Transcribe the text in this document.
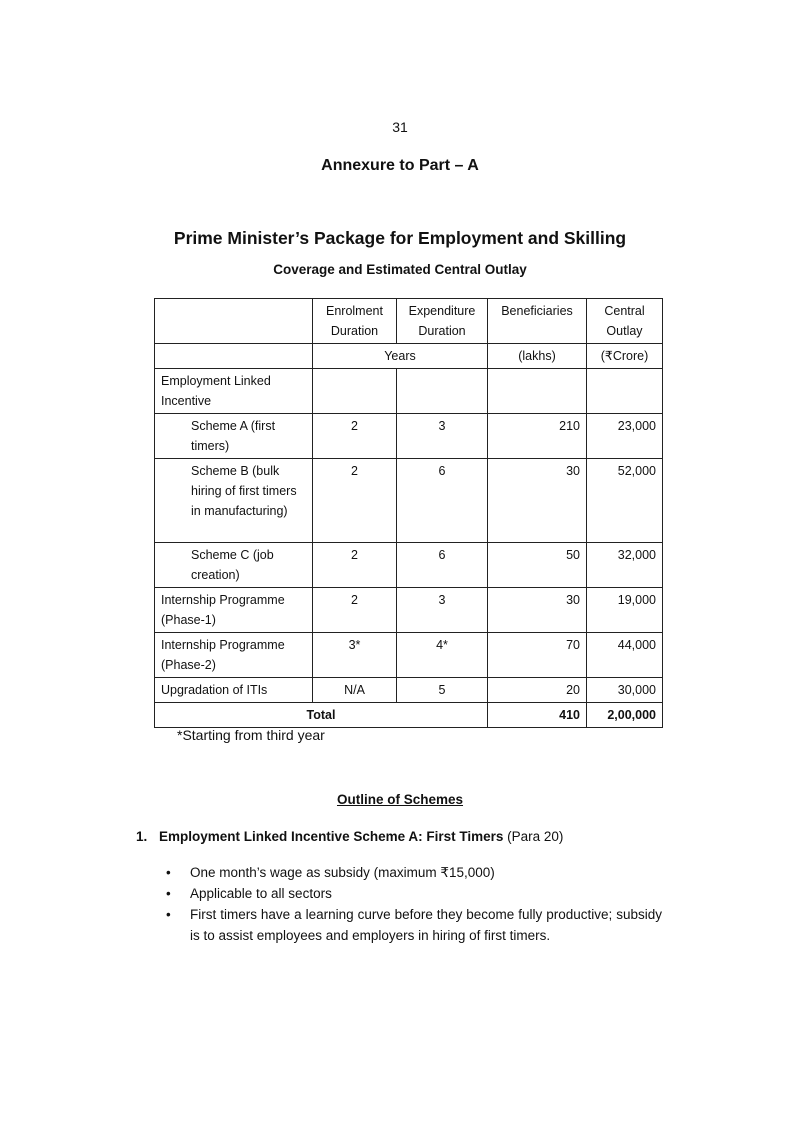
31
Annexure to Part – A
Prime Minister’s Package for Employment and Skilling
Coverage and Estimated Central Outlay
	Enrolment Duration	Expenditure Duration	Beneficiaries	Central Outlay
	Years		(lakhs)	(₹Crore)
Employment Linked Incentive				
Scheme A (first timers)	2	3	210	23,000
Scheme B (bulk hiring of first timers in manufacturing)	2	6	30	52,000
Scheme C (job creation)	2	6	50	32,000
Internship Programme (Phase-1)	2	3	30	19,000
Internship Programme (Phase-2)	3*	4*	70	44,000
Upgradation of ITIs	N/A	5	20	30,000
Total			410	2,00,000
*Starting from third year
Outline of Schemes
1. Employment Linked Incentive Scheme A: First Timers (Para 20)
• One month’s wage as subsidy (maximum ₹15,000)
• Applicable to all sectors
• First timers have a learning curve before they become fully productive; subsidy is to assist employees and employers in hiring of first timers.
